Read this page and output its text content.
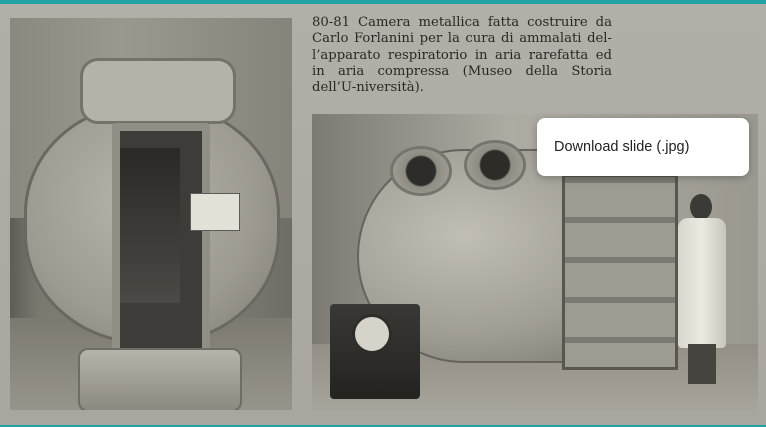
80-81 Camera metallica fatta costruire da Carlo Forlanini per la cura di ammalati del-l’apparato respiratorio in aria rarefatta ed in aria compressa (Museo della Storia dell’U-niversità).
Download slide (.jpg)
